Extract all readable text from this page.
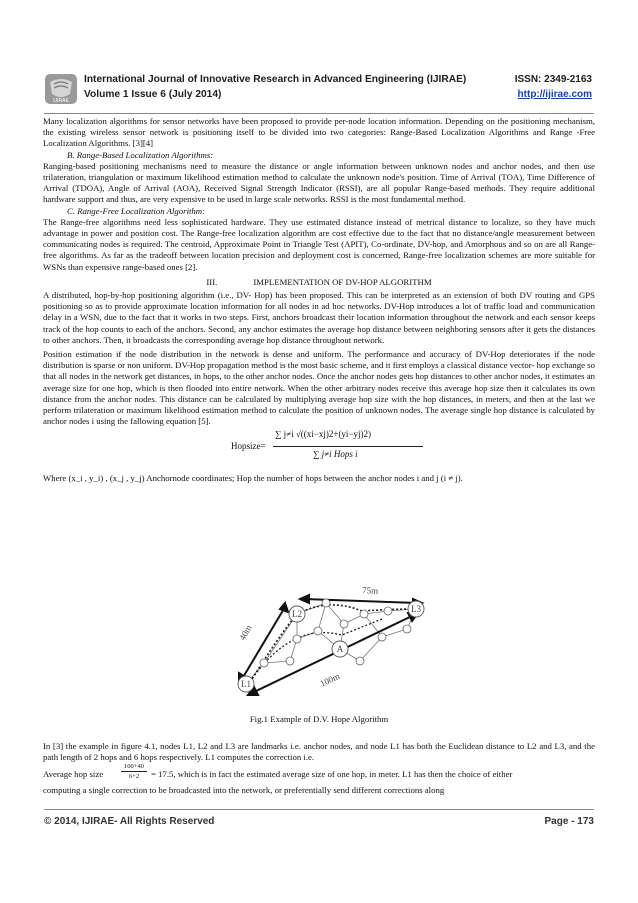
IJIRAE
International Journal of Innovative Research in Advanced Engineering (IJIRAE)
Volume 1 Issue 6 (July 2014)
ISSN: 2349-2163
http://ijirae.com

Many localization algorithms for sensor networks have been proposed to provide per-node location information. Depending on the positioning mechanism, the existing wireless sensor network is positioning itself to be divided into two categories: Range-Based Localization Algorithms and Range -Free Localization Algorithms. [3][4]

B. Range-Based Localization Algorithms:

Ranging-based positioning mechanisms need to measure the distance or angle information between unknown nodes and anchor nodes, and then use trilateration, triangulation or maximum likelihood estimation method to calculate the unknown node's position. Time of Arrival (TOA), Time Difference of Arrival (TDOA), Angle of Arrival (AOA), Received Signal Strength Indicator (RSSI), are all popular Range-based methods. They require additional hardware support and thus, are very expensive to be used in large scale networks. RSSI is the most fundamental method.

C. Range-Free Localization Algorithm:

The Range-free algorithms need less sophisticated hardware. They use estimated distance instead of metrical distance to localize, so they have much advantage in power and position cost. The Range-free localization algorithm are cost effective due to the fact that no distance/angle measurement between communicating nodes is required. The centroid, Approximate Point in Triangle Test (APIT), Co-ordinate, DV-hop, and Amorphous and so on are all Range-free algorithms. As far as the tradeoff between location precision and deployment cost is concerned, Range-free localization schemes are more suitable for WSNs than expensive range-based ones [2].

III.	IMPLEMENTATION OF DV-HOP ALGORITHM

A distributed, hop-by-hop positioning algorithm (i.e., DV- Hop) has been proposed. This can be interpreted as an extension of both DV routing and GPS positioning so as to provide approximate location information for all nodes in ad hoc networks. DV-Hop introduces a lot of traffic load and communication delay in a WSN, due to the fact that it works in two steps. First, anchors broadcast their location information throughout the network and each sensor keeps track of the hop counts to each of the anchors. Second, any anchor estimates the average hop distance between neighboring sensors after it gets the distances to other anchors. Then, it broadcasts the corresponding average hop distance throughout network.

Position estimation if the node distribution in the network is dense and uniform. The performance and accuracy of DV-Hop deteriorates if the node distribution is sparse or non uniform. DV-Hop propagation method is the most basic scheme, and it first employs a classical distance vector- hop exchange so that all nodes in the network get distances, in hops, to the other anchor nodes. Once the anchor nodes gets hop distances to other anchor nodes, it estimates an average size for one hop, which is then flooded into entire network. When the other arbitrary nodes receive this average hop size then it calculates its own distance from the anchor nodes. This distance can be calculated by multiplying average hop size with the hop distances, in meters, and then at the last we perform trilateration or maximum likelihood estimation method to calculate the position of unknown nodes. The average single hop distance is calculated by anchor nodes i using the fallowing equation [5].

Hopsize=
∑ j≠i √((xi−xj)2+(yi−yj)2)
∑ j≠i Hops i

Where (x_i , y_i) , (x_j , y_j) Anchornode coordinates; Hop the number of hops between the anchor nodes i and j (i ≠ j).

L1
L2	L3
A
40m
75m
100m
Fig.1 Example of D.V. Hope Algorithm

In [3] the example in figure 4.1, nodes L1, L2 and L3 are landmarks i.e. anchor nodes, and node L1 has both the Euclidean distance to L2 and L3, and the path length of 2 hops and 6 hops respectively. L1 computes the correction i.e.

Average hop size
100+40
6+2	= 17.5, which is in fact the estimated average size of one hop, in meter. L1 has then the choice of either

computing a single correction to be broadcasted into the network, or preferentially send different corrections along

© 2014, IJIRAE- All Rights Reserved	Page - 173
